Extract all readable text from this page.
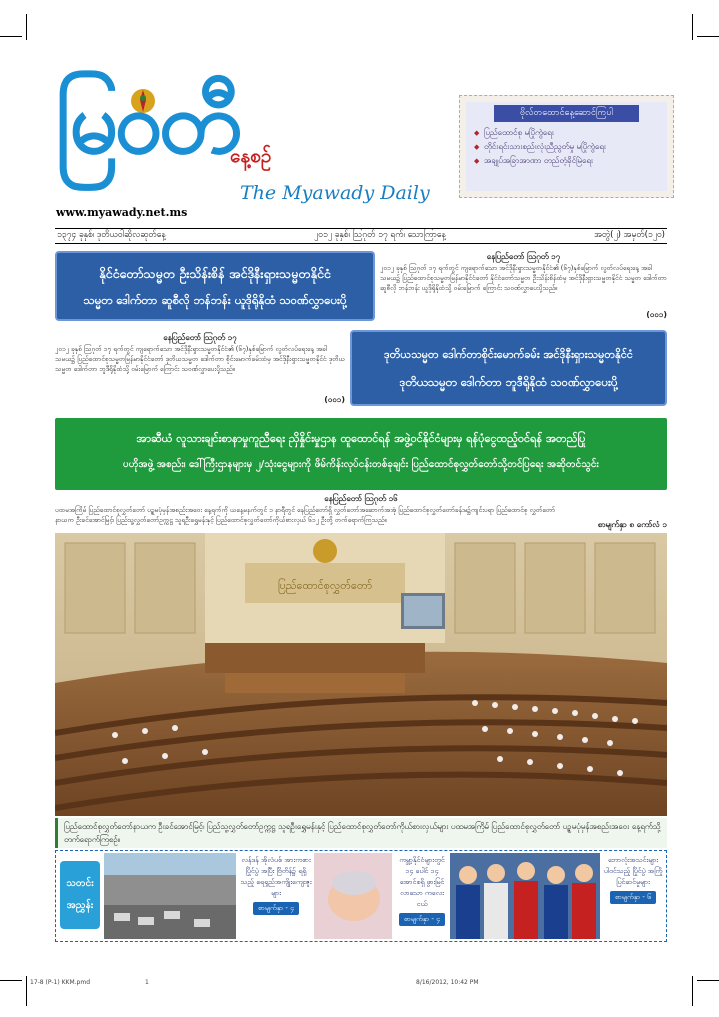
မြဝတီ
နေ့စဉ်
The Myawady Daily
www.myawady.net.ms
ဗိုလ်တထောင်နေ့ဆောင်ကြပါ
◆ ပြည်ထောင်စု မပြိုကွဲရေး
◆ တိုင်းရင်းသားစည်းလုံးညီညွတ်မှု မပြိုကွဲရေး
◆ အချုပ်အခြာအာဏာ တည်တံ့ခိုင်မြဲရေး
၁၃၇၄ ခုနှစ်၊ ဒုတိယဝါဆိုလဆုတ်နေ့	၂၀၁၂ ခုနှစ်၊ ဩဂုတ် ၁၇ ရက်၊ သောကြာနေ့	အတွဲ(၂) အမှတ်(၁၂၀)
နိုင်ငံတော်သမ္မတ ဦးသိန်းစိန် အင်ဒိုနီးရှားသမ္မတနိုင်ငံ
သမ္မတ ဒေါက်တာ ဆူစီလို ဘန်ဘန်း ယူဒိုရိုနိုထံ သဝဏ်လွှာပေးပို့
နေပြည်တော် ဩဂုတ် ၁၇
၂၀၁၂ ခုနှစ် ဩဂုတ် ၁၇ ရက်တွင် ကျရောက်သော အင်ဒိုနီးရှားသမ္မတနိုင်ငံ၏ (၆၇)နှစ်မြောက် လွတ်လပ်ရေးနေ့ အခါသမယ၌ ပြည်ထောင်စုသမ္မတမြန်မာနိုင်ငံတော် နိုင်ငံတော်သမ္မတ ဦးသိန်းစိန်ထံမှ အင်ဒိုနီးရှားသမ္မတနိုင်ငံ သမ္မတ ဒေါက်တာ ဆူစီလို ဘန်ဘန်း ယူဒိုရိုနိုထံသို့ ဝမ်းမြောက် ကြောင်း သဝဏ်လွှာပေးပို့သည်။
(၀၀၁)
နေပြည်တော် ဩဂုတ် ၁၇
၂၀၁၂ ခုနှစ် ဩဂုတ် ၁၇ ရက်တွင် ကျရောက်သော အင်ဒိုနီးရှားသမ္မတနိုင်ငံ၏ (၆၇)နှစ်မြောက် လွတ်လပ်ရေးနေ့ အခါသမယ၌ ပြည်ထောင်စုသမ္မတမြန်မာနိုင်ငံတော် ဒုတိယသမ္မတ ဒေါက်တာ စိုင်းမောက်ခမ်းထံမှ အင်ဒိုနီးရှားသမ္မတနိုင်ငံ ဒုတိယသမ္မတ ဒေါက်တာ ဘူဒီရိုနိုထံသို့ ဝမ်းမြောက် ကြောင်း သဝဏ်လွှာပေးပို့သည်။
(၀၀၁)
ဒုတိယသမ္မတ ဒေါက်တာစိုင်းမောက်ခမ်း အင်ဒိုနီးရှားသမ္မတနိုင်ငံ
ဒုတိယသမ္မတ ဒေါက်တာ ဘူဒီရိုနိုထံ သဝဏ်လွှာပေးပို့
အာဆီယံ လူသားချင်းစာနာမှုကူညီရေး ညှိနှိုင်းမှုဌာန ထူထောင်ရန် အဖွဲ့ဝင်နိုင်ငံများမှ ရန်ပုံငွေထည့်ဝင်ရန် အတည်ပြု
ပဟိုအဖွဲ့ အစည်း၊ ဒေါ်ကြီးဌာနများမှ ၂/သုံးငွေများကို ဖိမ်ကိန်းလုပ်ငန်းတစ်ခုချင်း ပြည်ထောင်စုလွှတ်တော်သို့တင်ပြရေး အဆိုတင်သွင်း
နေပြည်တော် ဩဂုတ် ၁၆
ပထမအကြိမ် ပြည်ထောင်စုလွှတ်တော် ပဉ္စမပုံမှန်အစည်းအဝေး နေ့ရက်ကို ယနေ့မနက်တွင် ၁ နာရီတွင် နေပြည်တော်ရှိ လွှတ်တော်အဆောက်အအုံ ပြည်ထောင်စုလွှတ်တော်ခန်းမ၌ကျင်းပရာ ပြည်ထောင်စု လွှတ်တော်နာယက ဦးခင်အောင်မြင့်၊ ပြည်သူ့လွှတ်တော်ဥက္ကဋ္ဌ သူရဦးရွှေမန်းနှင့် ပြည်ထောင်စုလွှတ်တော်ကိုယ်စားလှယ် ၆၁၂ ဦးတို့ တက်ရောက်ကြသည်။	စာမျက်နှာ ၈ ကော်လံ ၁
ပြည်ထောင်စုလွှတ်တော်
ပြည်ထောင်စုလွှတ်တော်နာယက ဦးခင်အောင်မြင့်၊ ပြည်သူ့လွှတ်တော်ဥက္ကဋ္ဌ သူရဦးရွှေမန်းနှင့် ပြည်ထောင်စုလွှတ်တော်ကိုယ်စားလှယ်များ ပထမအကြိမ် ပြည်ထောင်စုလွှတ်တော် ပဉ္စမပုံမှန်အစည်းအဝေး နေ့ရက်သို့ တက်ရောက်ကြစဉ်။
သတင်း
အညွှန်း
လန်ဒန် အိုလံပစ် အားကစားပြိုင်ပွဲ အပြီး ဗြိတိန်၌ ရရှိသည့် ရေရှည်အကျိုးကျေးဇူးများ
စာမျက်နှာ - ၄
ကမ္ဘာ့နိုင်ငံများတွင် ၁၄ ပေါင် ၁၄ အောင်စရှိ ဖွားမြင်လာသော ကလေးငယ်
စာမျက်နှာ - ၄
ဘောလုံးအသင်းများ ပါဝင်သည့် ပြိုင်ပွဲ အကြိုပြင်ဆင်မှုများ
စာမျက်နှာ - ၆
17-8 (P-1) KKM.pmd	1	8/16/2012, 10:42 PM
